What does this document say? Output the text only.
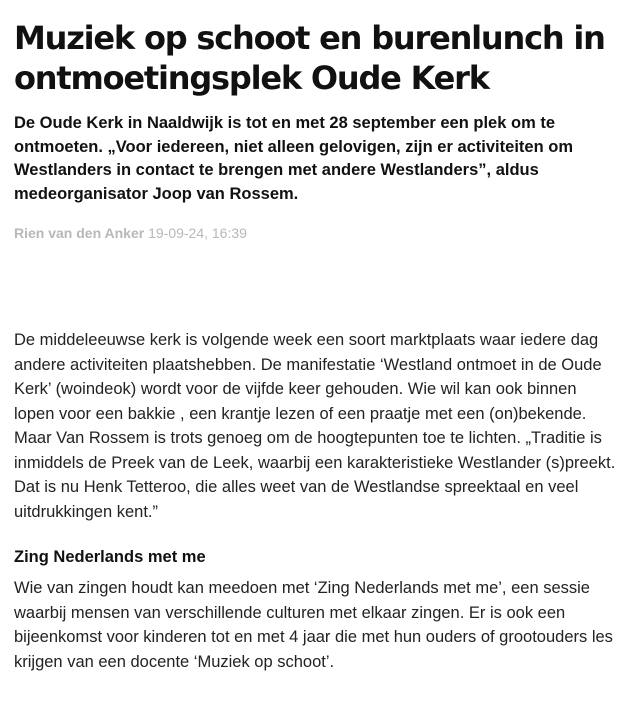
Muziek op schoot en burenlunch in ontmoetingsplek Oude Kerk

De Oude Kerk in Naaldwijk is tot en met 28 september een plek om te ontmoeten. „Voor iedereen, niet alleen gelovigen, zijn er activiteiten om Westlanders in contact te brengen met andere Westlanders”, aldus medeorganisator Joop van Rossem.

Rien van den Anker 19-09-24, 16:39

De middeleeuwse kerk is volgende week een soort marktplaats waar iedere dag andere activiteiten plaatshebben. De manifestatie ‘Westland ontmoet in de Oude Kerk’ (woindeok) wordt voor de vijfde keer gehouden. Wie wil kan ook binnen lopen voor een bakkie , een krantje lezen of een praatje met een (on)bekende.

Maar Van Rossem is trots genoeg om de hoogtepunten toe te lichten. „Traditie is inmiddels de Preek van de Leek, waarbij een karakteristieke Westlander (s)preekt. Dat is nu Henk Tetteroo, die alles weet van de Westlandse spreektaal en veel uitdrukkingen kent.”

Zing Nederlands met me

Wie van zingen houdt kan meedoen met ‘Zing Nederlands met me’, een sessie waarbij mensen van verschillende culturen met elkaar zingen. Er is ook een bijeenkomst voor kinderen tot en met 4 jaar die met hun ouders of grootouders les krijgen van een docente ‘Muziek op schoot’.
